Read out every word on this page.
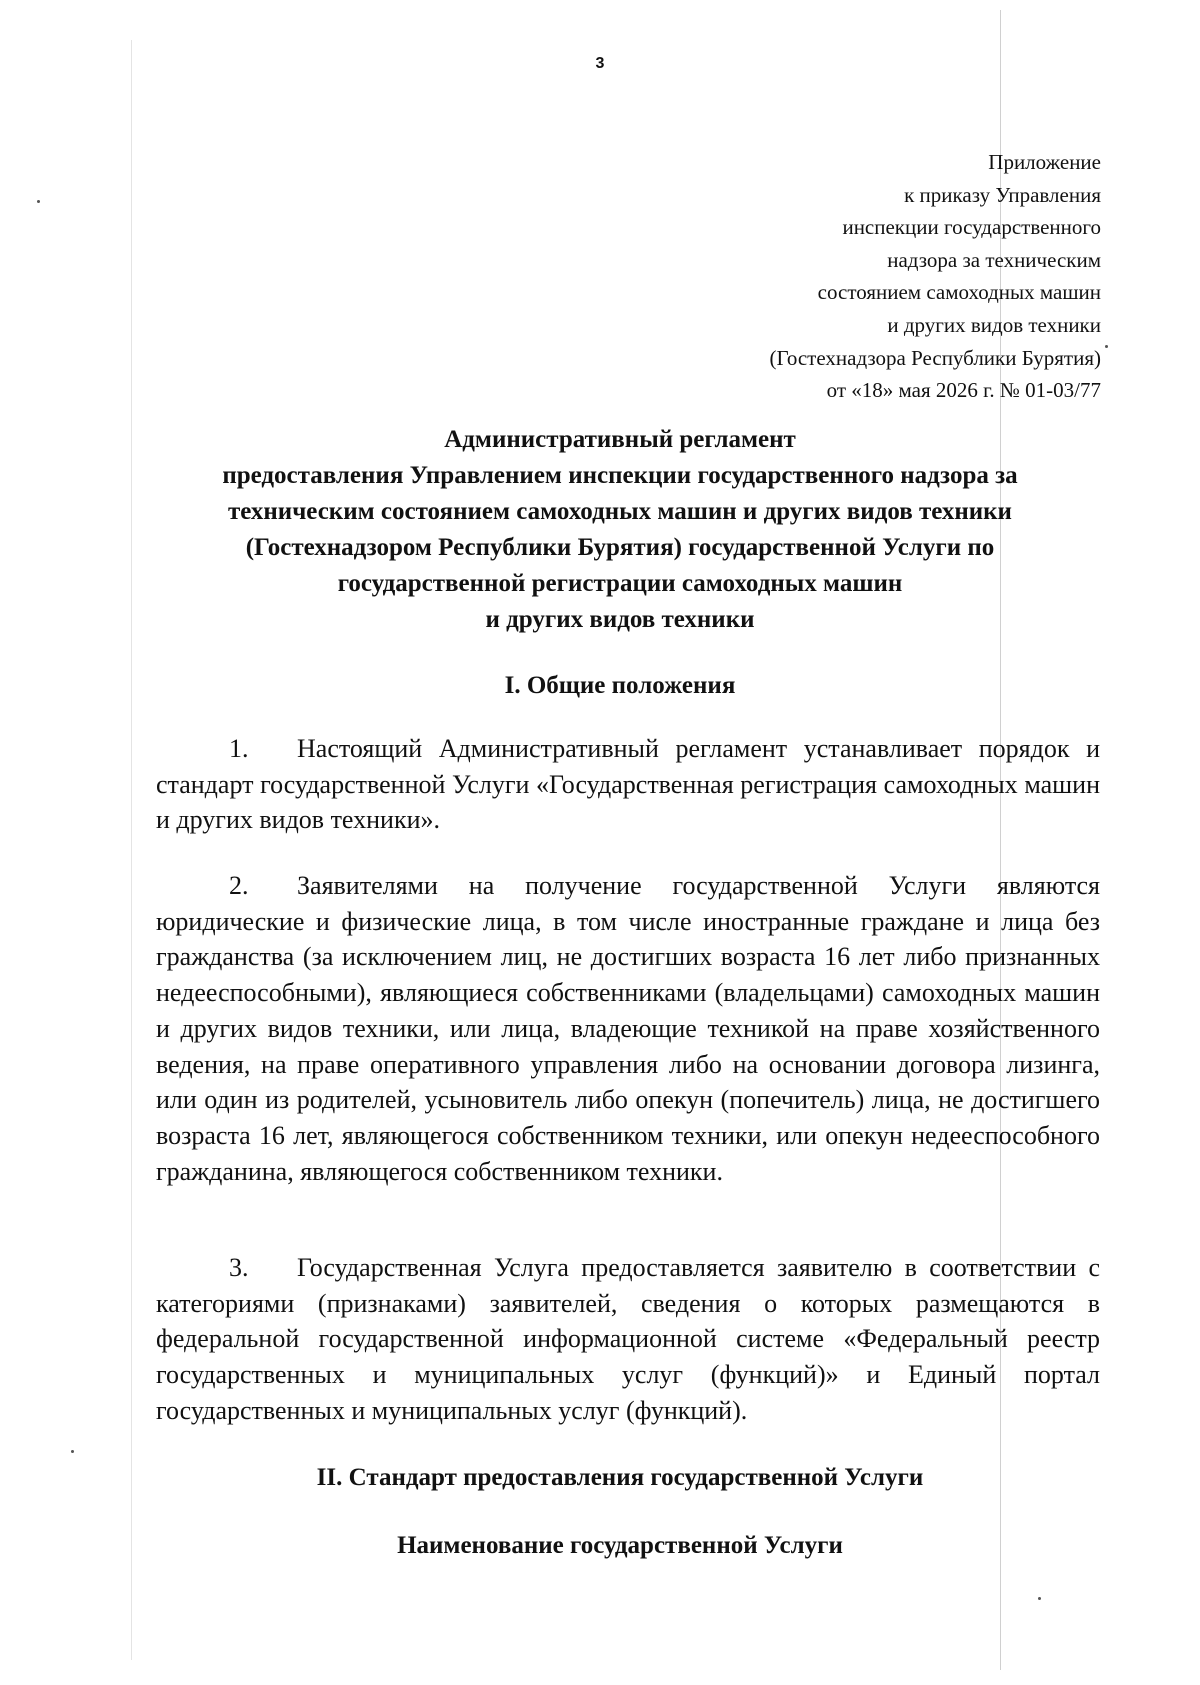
3
Приложение
к приказу Управления
инспекции государственного
надзора за техническим
состоянием самоходных машин
и других видов техники
(Гостехнадзора Республики Бурятия)
от «18» мая 2026 г. № 01-03/77
Административный регламент
предоставления Управлением инспекции государственного надзора за
техническим состоянием самоходных машин и других видов техники
(Гостехнадзором Республики Бурятия) государственной Услуги по
государственной регистрации самоходных машин
и других видов техники
I. Общие положения
1. Настоящий Административный регламент устанавливает порядок и стандарт государственной Услуги «Государственная регистрация самоходных машин и других видов техники».
2. Заявителями на получение государственной Услуги являются юридические и физические лица, в том числе иностранные граждане и лица без гражданства (за исключением лиц, не достигших возраста 16 лет либо признанных недееспособными), являющиеся собственниками (владельцами) самоходных машин и других видов техники, или лица, владеющие техникой на праве хозяйственного ведения, на праве оперативного управления либо на основании договора лизинга, или один из родителей, усыновитель либо опекун (попечитель) лица, не достигшего возраста 16 лет, являющегося собственником техники, или опекун недееспособного гражданина, являющегося собственником техники.
3. Государственная Услуга предоставляется заявителю в соответствии с категориями (признаками) заявителей, сведения о которых размещаются в федеральной государственной информационной системе «Федеральный реестр государственных и муниципальных услуг (функций)» и Единый портал государственных и муниципальных услуг (функций).
II. Стандарт предоставления государственной Услуги
Наименование государственной Услуги
